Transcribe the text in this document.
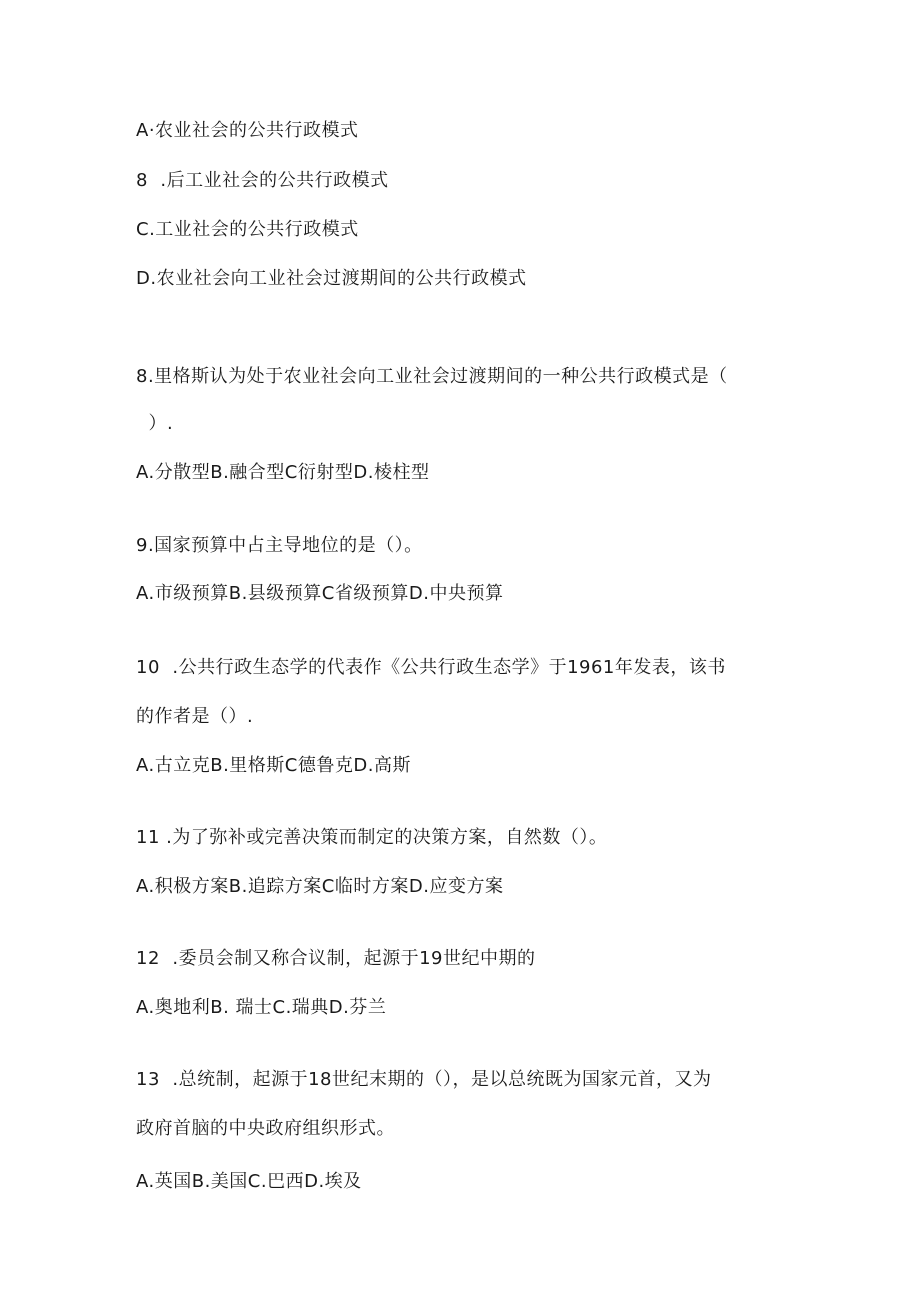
A·农业社会的公共行政模式
8  .后工业社会的公共行政模式
C.工业社会的公共行政模式
D.农业社会向工业社会过渡期间的公共行政模式
8.里格斯认为处于农业社会向工业社会过渡期间的一种公共行政模式是（
）.
A.分散型B.融合型C衍射型D.棱柱型
9.国家预算中占主导地位的是（）。
A.市级预算B.县级预算C省级预算D.中央预算
10  .公共行政生态学的代表作《公共行政生态学》于1961年发表，该书
的作者是（）.
A.古立克B.里格斯C德鲁克D.高斯
11 .为了弥补或完善决策而制定的决策方案，自然数（）。
A.积极方案B.追踪方案C临时方案D.应变方案
12  .委员会制又称合议制，起源于19世纪中期的
A.奥地利B. 瑞士C.瑞典D.芬兰
13  .总统制，起源于18世纪末期的（），是以总统既为国家元首，又为
政府首脑的中央政府组织形式。
A.英国B.美国C.巴西D.埃及
